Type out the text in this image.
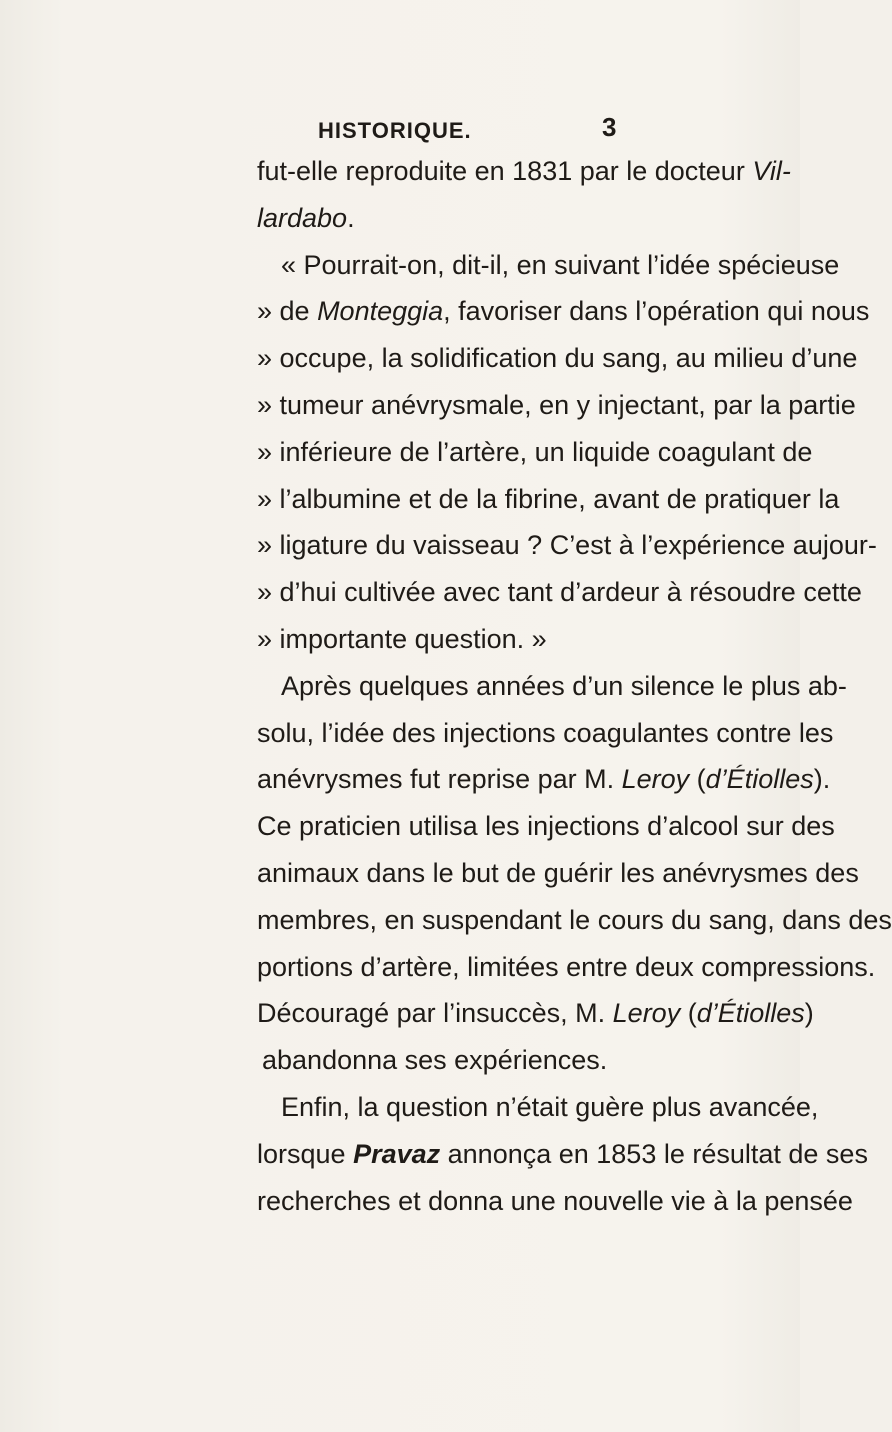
HISTORIQUE.	3
fut-elle reproduite en 1831 par le docteur Vil-
lardabo.
« Pourrait-on, dit-il, en suivant l’idée spécieuse
» de Monteggia, favoriser dans l’opération qui nous
» occupe, la solidification du sang, au milieu d’une
» tumeur anévrysmale, en y injectant, par la partie
» inférieure de l’artère, un liquide coagulant de
» l’albumine et de la fibrine, avant de pratiquer la
» ligature du vaisseau ? C’est à l’expérience aujour-
» d’hui cultivée avec tant d’ardeur à résoudre cette
» importante question. »
Après quelques années d’un silence le plus ab-
solu, l’idée des injections coagulantes contre les
anévrysmes fut reprise par M. Leroy (d’Étiolles).
Ce praticien utilisa les injections d’alcool sur des
animaux dans le but de guérir les anévrysmes des
membres, en suspendant le cours du sang, dans des
portions d’artère, limitées entre deux compressions.
Découragé par l’insuccès, M. Leroy (d’Étiolles)
abandonna ses expériences.
Enfin, la question n’était guère plus avancée,
lorsque Pravaz annonça en 1853 le résultat de ses
recherches et donna une nouvelle vie à la pensée
